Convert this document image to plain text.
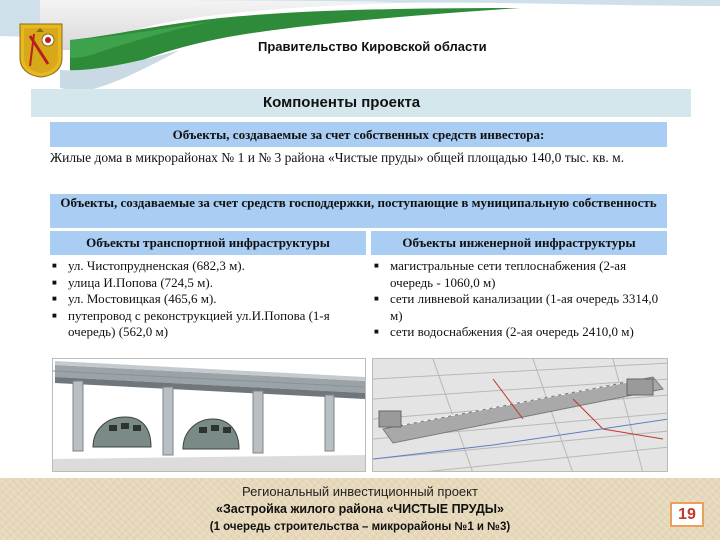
Правительство Кировской области
Компоненты проекта
Объекты, создаваемые за счет собственных средств инвестора:
Жилые дома в микрорайонах № 1 и № 3 района «Чистые пруды» общей площадью 140,0 тыс. кв. м.
Объекты, создаваемые за счет средств господдержки, поступающие в муниципальную собственность
Объекты транспортной инфраструктуры	Объекты инженерной инфраструктуры
■ ул. Чистопрудненская (682,3 м).
■ улица И.Попова (724,5 м).
■ ул. Мостовицкая (465,6 м).
■ путепровод с реконструкцией ул.И.Попова (1-я очередь) (562,0 м)
■ магистральные сети теплоснабжения (2-ая очередь - 1060,0 м)
■ сети ливневой канализации (1-ая очередь 3314,0 м)
■ сети водоснабжения (2-ая очередь 2410,0 м)
Региональный инвестиционный проект
«Застройка жилого района «ЧИСТЫЕ ПРУДЫ»
(1 очередь строительства – микрорайоны №1 и №3)
19
